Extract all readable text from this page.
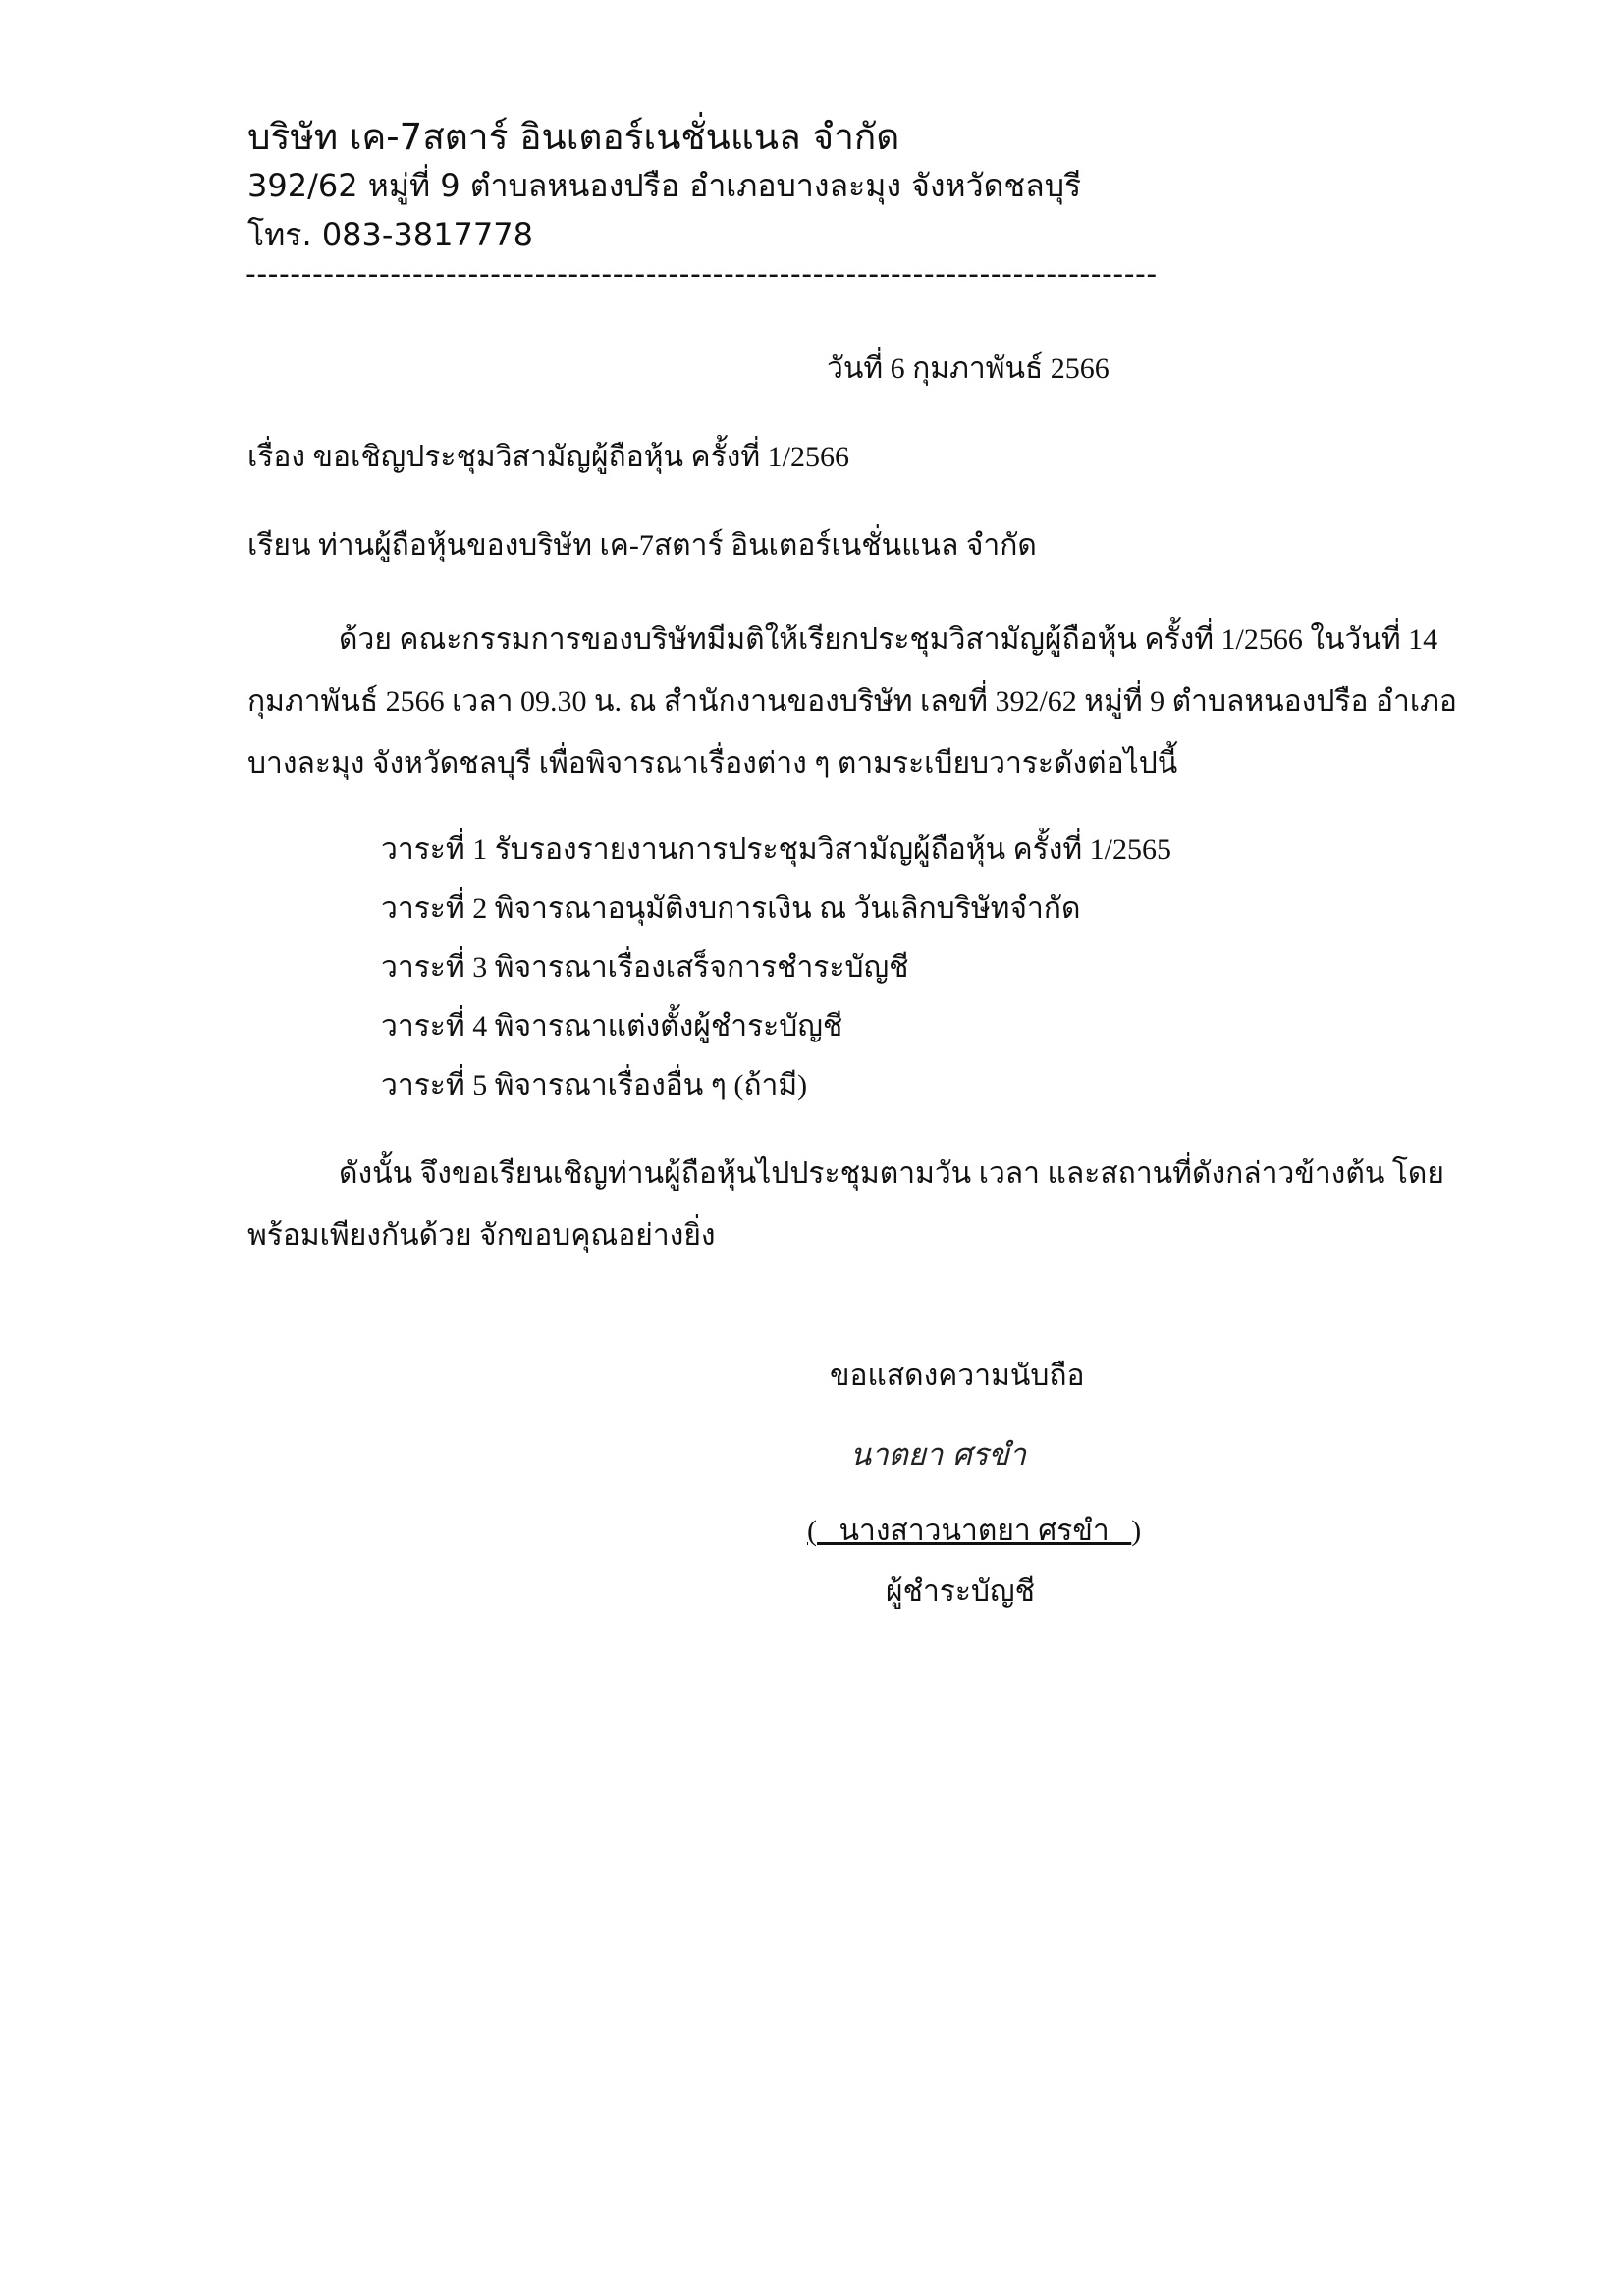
บริษัท เค-7สตาร์ อินเตอร์เนชั่นแนล จำกัด
392/62 หมู่ที่ 9 ตำบลหนองปรือ อำเภอบางละมุง จังหวัดชลบุรี
โทร. 083-3817778
----------------------------------------------------------------------------------
วันที่ 6 กุมภาพันธ์ 2566
เรื่อง ขอเชิญประชุมวิสามัญผู้ถือหุ้น ครั้งที่ 1/2566
เรียน ท่านผู้ถือหุ้นของบริษัท เค-7สตาร์ อินเตอร์เนชั่นแนล จำกัด
ด้วย คณะกรรมการของบริษัทมีมติให้เรียกประชุมวิสามัญผู้ถือหุ้น ครั้งที่ 1/2566 ในวันที่ 14 กุมภาพันธ์ 2566 เวลา 09.30 น. ณ สำนักงานของบริษัท เลขที่ 392/62 หมู่ที่ 9 ตำบลหนองปรือ อำเภอบางละมุง จังหวัดชลบุรี เพื่อพิจารณาเรื่องต่าง ๆ ตามระเบียบวาระดังต่อไปนี้
วาระที่ 1 รับรองรายงานการประชุมวิสามัญผู้ถือหุ้น ครั้งที่ 1/2565
วาระที่ 2 พิจารณาอนุมัติงบการเงิน ณ วันเลิกบริษัทจำกัด
วาระที่ 3 พิจารณาเรื่องเสร็จการชำระบัญชี
วาระที่ 4 พิจารณาแต่งตั้งผู้ชำระบัญชี
วาระที่ 5 พิจารณาเรื่องอื่น ๆ (ถ้ามี)
ดังนั้น จึงขอเรียนเชิญท่านผู้ถือหุ้นไปประชุมตามวัน เวลา และสถานที่ดังกล่าวข้างต้น โดยพร้อมเพียงกันด้วย จักขอบคุณอย่างยิ่ง
ขอแสดงความนับถือ
นาตยา ศรขำ
(   นางสาวนาตยา ศรขำ   )
ผู้ชำระบัญชี
